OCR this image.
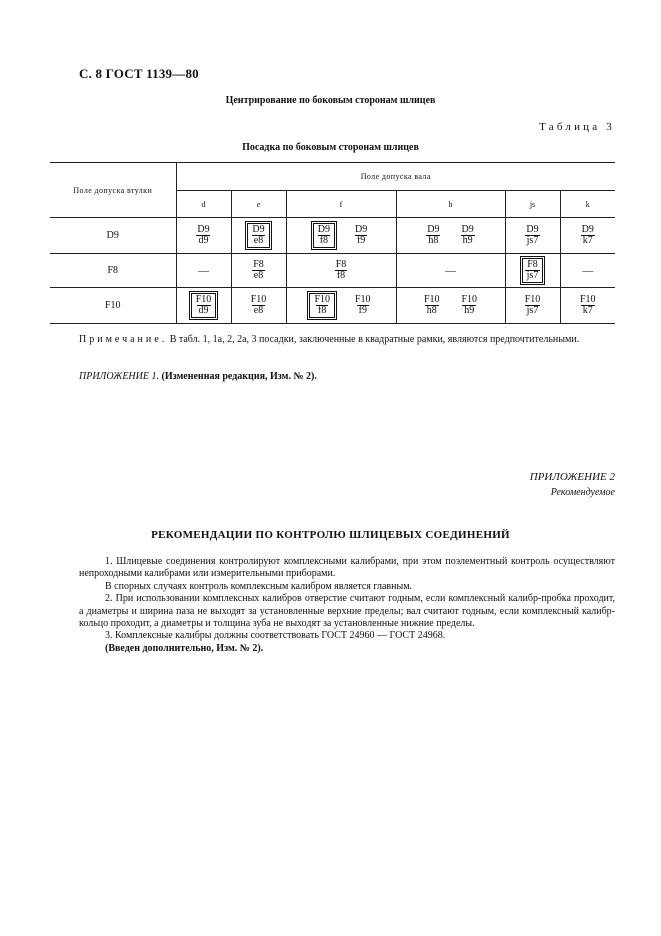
С. 8 ГОСТ 1139—80
Центрирование по боковым сторонам шлицев
Таблица 3
Посадка по боковым сторонам шлицев
Поле допуска втулки	Поле допуска вала					
	d	e	f	h	js	k
D9	$\frac{D9}{d9}$	$\frac{D9}{e8}$	$\frac{D9}{f8} \frac{D9}{f9}$	$\frac{D9}{h8} \frac{D9}{h9}$	$\frac{D9}{js7}$	$\frac{D9}{k7}$

F8	—	$\frac{F8}{e8}$	$\frac{F8}{f8}$	—	$\frac{F8}{js7}$	—
F10	$\frac{F10}{d9}$	$\frac{F10}{e8}$	$\frac{F10}{f8} \frac{F10}{f9}$	$\frac{F10}{h8} \frac{F10}{h9}$	$\frac{F10}{js7}$	$\frac{F10}{k7}$
Примечание. В табл. 1, 1а, 2, 2а, 3 посадки, заключенные в квадратные рамки, являются предпочтительными.
ПРИЛОЖЕНИЕ 1. (Измененная редакция, Изм. № 2).
ПРИЛОЖЕНИЕ 2
Рекомендуемое
РЕКОМЕНДАЦИИ ПО КОНТРОЛЮ ШЛИЦЕВЫХ СОЕДИНЕНИЙ

1. Шлицевые соединения контролируют комплексными калибрами, при этом поэлементный контроль осуществляют непроходными калибрами или измерительными приборами.

В спорных случаях контроль комплексным калибром является главным.

2. При использовании комплексных калибров отверстие считают годным, если комплексный калибр-пробка проходит, а диаметры и ширина паза не выходят за установленные верхние пределы; вал считают годным, если комплексный калибр-кольцо проходит, а диаметры и толщина зуба не выходят за установленные нижние пределы.

3. Комплексные калибры должны соответствовать ГОСТ 24960 — ГОСТ 24968.

(Введен дополнительно, Изм. № 2).
